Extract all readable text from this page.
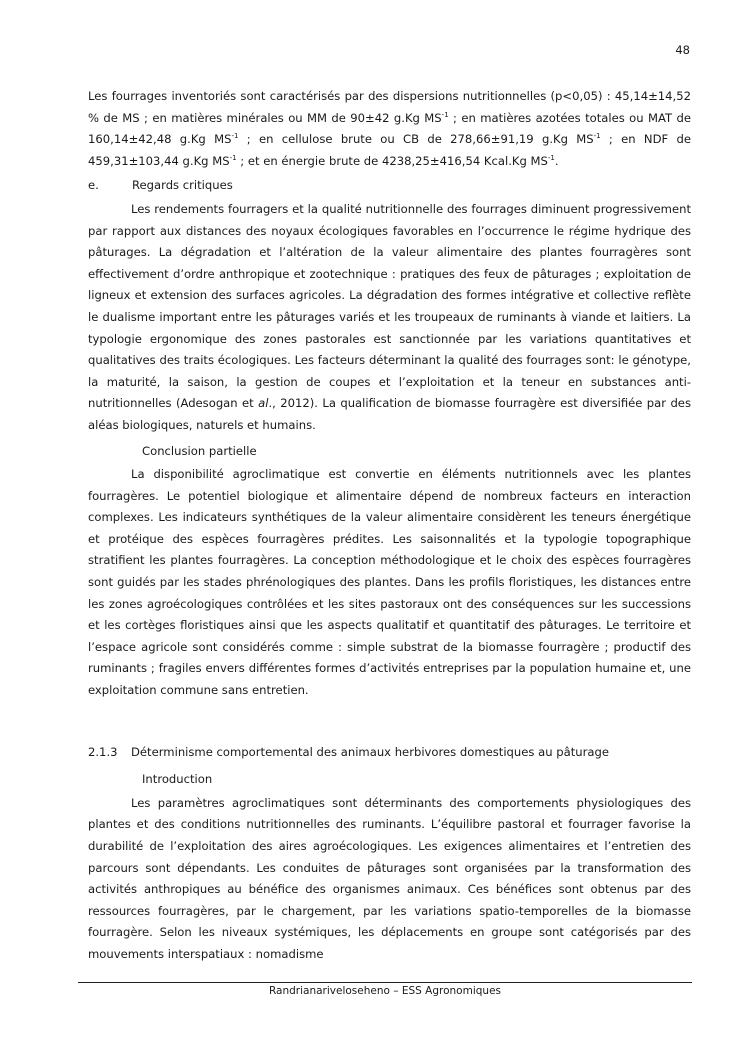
48

Les fourrages inventoriés sont caractérisés par des dispersions nutritionnelles (p<0,05) : 45,14±14,52 % de MS ; en matières minérales ou MM de 90±42 g.Kg $MS^{-1}$ ; en matières azotées totales ou MAT de 160,14±42,48 g.Kg $MS^{-1}$ ; en cellulose brute ou CB de 278,66±91,19 g.Kg $MS^{-1}$ ; en NDF de 459,31±103,44 g.Kg $MS^{-1}$ ; et en énergie brute de 4238,25±416,54 Kcal.Kg $MS^{-1}$.

e.	Regards critiques

Les rendements fourragers et la qualité nutritionnelle des fourrages diminuent progressivement par rapport aux distances des noyaux écologiques favorables en l’occurrence le régime hydrique des pâturages. La dégradation et l’altération de la valeur alimentaire des plantes fourragères sont effectivement d’ordre anthropique et zootechnique : pratiques des feux de pâturages ; exploitation de ligneux et extension des surfaces agricoles. La dégradation des formes intégrative et collective reflète le dualisme important entre les pâturages variés et les troupeaux de ruminants à viande et laitiers. La typologie ergonomique des zones pastorales est sanctionnée par les variations quantitatives et qualitatives des traits écologiques. Les facteurs déterminant la qualité des fourrages sont: le génotype, la maturité, la saison, la gestion de coupes et l’exploitation et la teneur en substances anti-nutritionnelles (Adesogan et al., 2012). La qualification de biomasse fourragère est diversifiée par des aléas biologiques, naturels et humains.

Conclusion partielle

La disponibilité agroclimatique est convertie en éléments nutritionnels avec les plantes fourragères. Le potentiel biologique et alimentaire dépend de nombreux facteurs en interaction complexes. Les indicateurs synthétiques de la valeur alimentaire considèrent les teneurs énergétique et protéique des espèces fourragères prédites. Les saisonnalités et la typologie topographique stratifient les plantes fourragères. La conception méthodologique et le choix des espèces fourragères sont guidés par les stades phrénologiques des plantes. Dans les profils floristiques, les distances entre les zones agroécologiques contrôlées et les sites pastoraux ont des conséquences sur les successions et les cortèges floristiques ainsi que les aspects qualitatif et quantitatif des pâturages. Le territoire et l’espace agricole sont considérés comme : simple substrat de la biomasse fourragère ; productif des ruminants ; fragiles envers différentes formes d’activités entreprises par la population humaine et, une exploitation commune sans entretien.

2.1.3 Déterminisme comportemental des animaux herbivores domestiques au pâturage
Introduction

Les paramètres agroclimatiques sont déterminants des comportements physiologiques des plantes et des conditions nutritionnelles des ruminants. L’équilibre pastoral et fourrager favorise la durabilité de l’exploitation des aires agroécologiques. Les exigences alimentaires et l’entretien des parcours sont dépendants. Les conduites de pâturages sont organisées par la transformation des activités anthropiques au bénéfice des organismes animaux. Ces bénéfices sont obtenus par des ressources fourragères, par le chargement, par les variations spatio-temporelles de la biomasse fourragère. Selon les niveaux systémiques, les déplacements en groupe sont catégorisés par des mouvements interspatiaux : nomadisme

Randrianariveloseheno – ESS Agronomiques
